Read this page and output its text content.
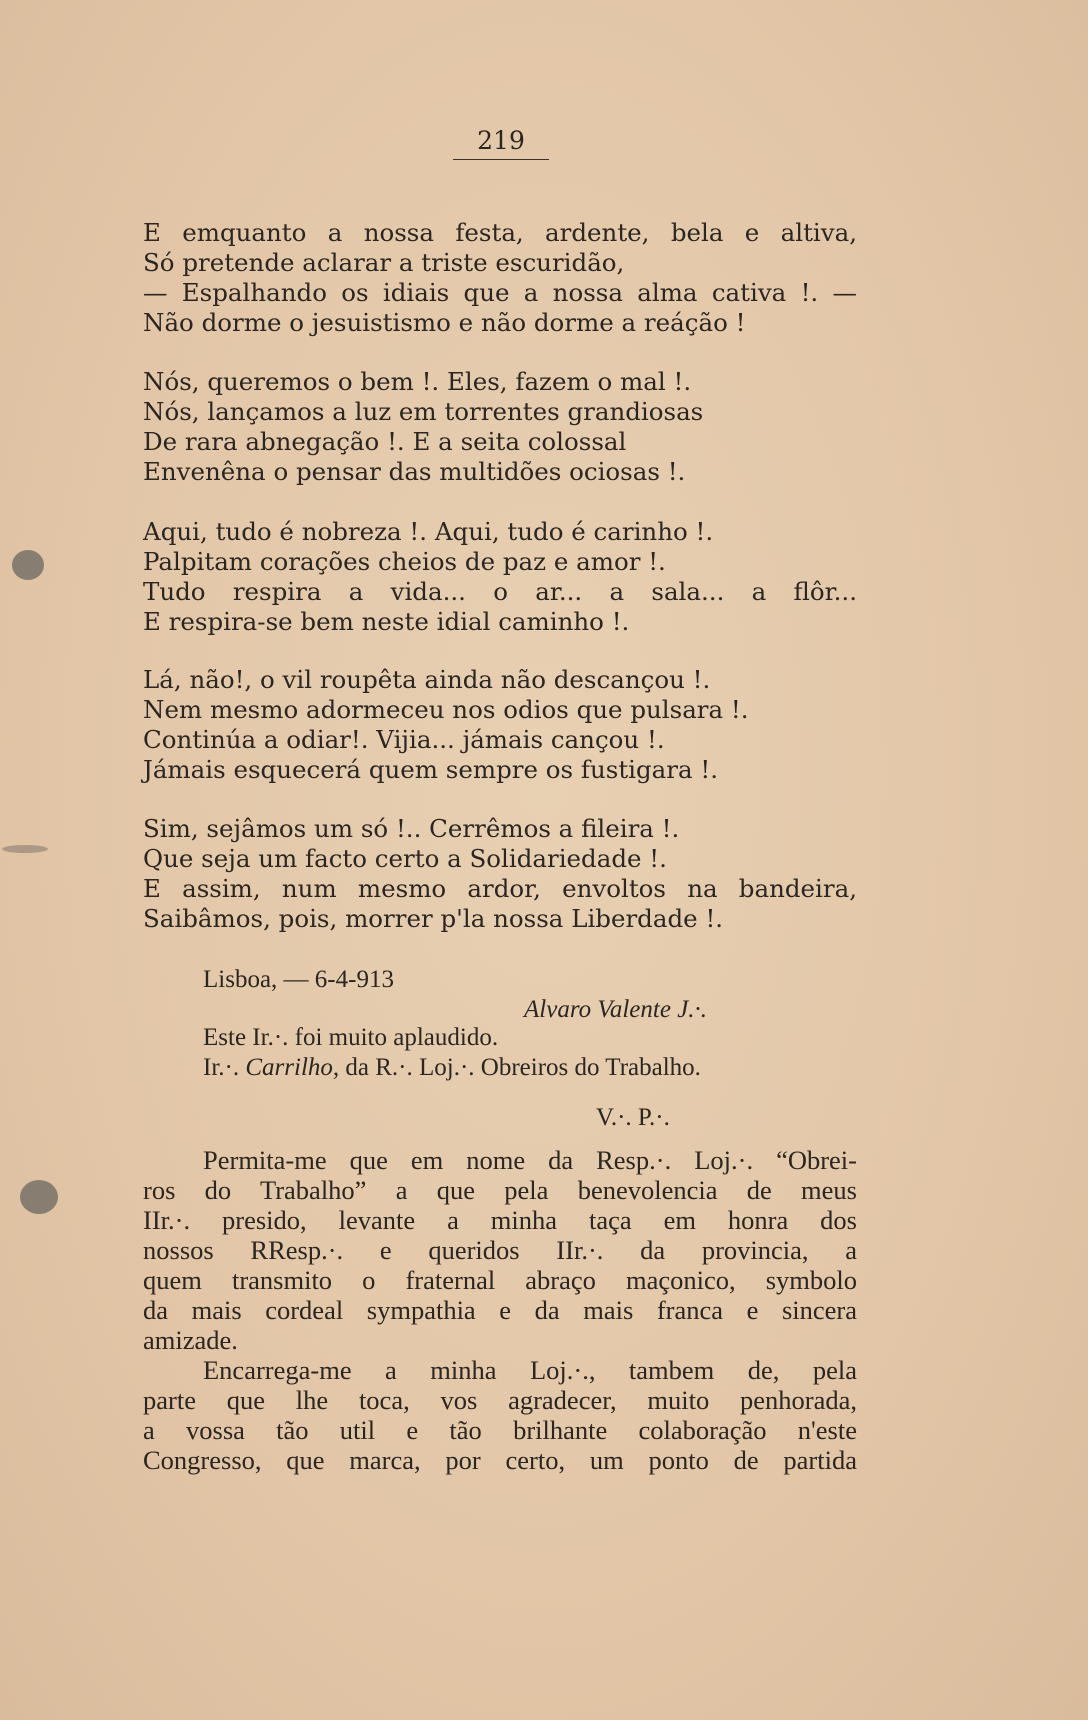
219
E emquanto a nossa festa, ardente, bela e altiva,
Só pretende aclarar a triste escuridão,
— Espalhando os idiais que a nossa alma cativa !. —
Não dorme o jesuistismo e não dorme a reáção !
Nós, queremos o bem !. Eles, fazem o mal !.
Nós, lançamos a luz em torrentes grandiosas
De rara abnegação !. E a seita colossal
Envenêna o pensar das multidões ociosas !.
Aqui, tudo é nobreza !. Aqui, tudo é carinho !.
Palpitam corações cheios de paz e amor !.
Tudo respira a vida... o ar... a sala... a flôr...
E respira-se bem neste idial caminho !.
Lá, não!, o vil roupêta ainda não descançou !.
Nem mesmo adormeceu nos odios que pulsara !.
Continúa a odiar!. Vijia... jámais cançou !.
Jámais esquecerá quem sempre os fustigara !.
Sim, sejâmos um só !.. Cerrêmos a fileira !.
Que seja um facto certo a Solidariedade !.
E assim, num mesmo ardor, envoltos na bandeira,
Saibâmos, pois, morrer p'la nossa Liberdade !.
Lisboa, — 6-4-913
Alvaro Valente J.·.
Este Ir.·. foi muito aplaudido.
Ir.·. Carrilho, da R.·. Loj.·. Obreiros do Trabalho.
V.·. P.·.
Permita-me que em nome da Resp.·. Loj.·. “Obrei-
ros do Trabalho” a que pela benevolencia de meus
IIr.·. presido, levante a minha taça em honra dos
nossos RResp.·. e queridos IIr.·. da provincia, a
quem transmito o fraternal abraço maçonico, symbolo
da mais cordeal sympathia e da mais franca e sincera
amizade.
Encarrega-me a minha Loj.·., tambem de, pela
parte que lhe toca, vos agradecer, muito penhorada,
a vossa tão util e tão brilhante colaboração n'este
Congresso, que marca, por certo, um ponto de partida
